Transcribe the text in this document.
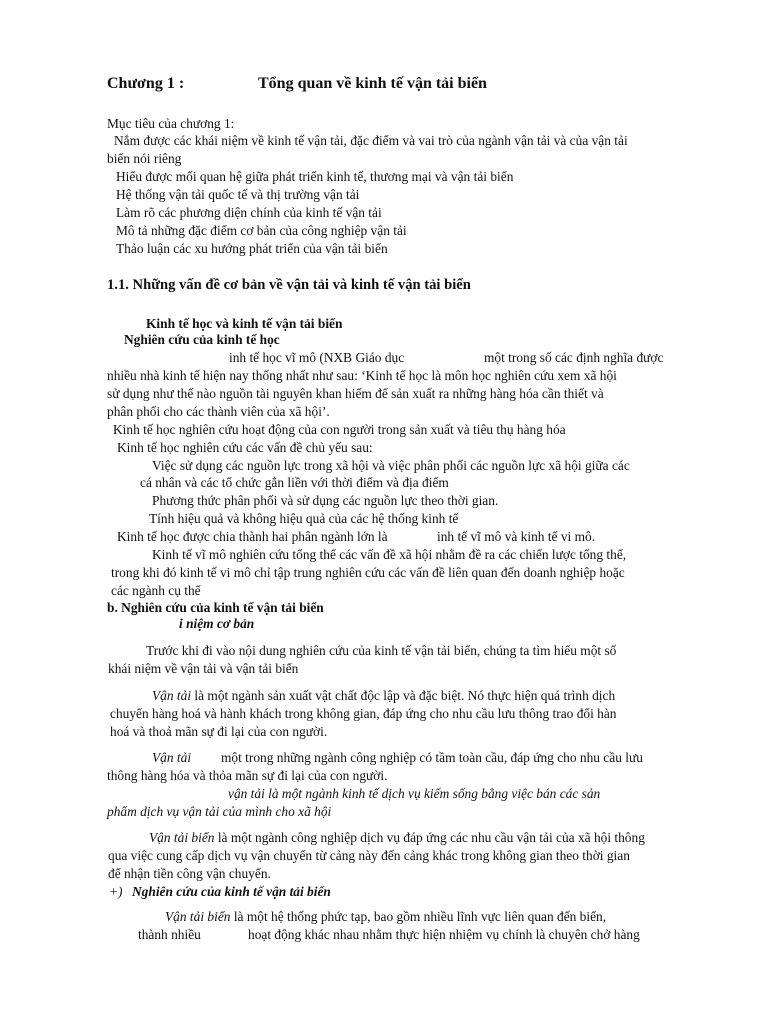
Chương 1 :	Tổng quan về kinh tế vận tải biển
Mục tiêu của chương 1:
Nắm được các khái niệm về kinh tế vận tải, đặc điểm và vai trò của ngành vận tải và của vận tải
biển nói riêng
Hiểu được mối quan hệ giữa phát triển kinh tế, thương mại và vận tải biển
Hệ thống vận tải quốc tế và thị trường vận tải
Làm rõ các phương diện chính của kinh tế vận tải
Mô tả những đặc điểm cơ bản của công nghiệp vận tải
Thảo luận các xu hướng phát triển của vận tải biển
1.1. Những vấn đề cơ bản về vận tải và kinh tế vận tải biển
Kinh tế học và kinh tế vận tải biển
Nghiên cứu của kinh tế học
inh tế học vĩ mô (NXB Giáo dục	một trong số các định nghĩa được
nhiều nhà kinh tế hiện nay thống nhất như sau: ‘Kinh tế học là môn học nghiên cứu xem xã hội
sử dụng như thế nào nguồn tài nguyên khan hiếm để sản xuất ra những hàng hóa cần thiết và
phân phối cho các thành viên của xã hội’.
Kinh tế học nghiên cứu hoạt động của con người trong sản xuất và tiêu thụ hàng hóa
Kinh tế học nghiên cứu các vấn đề chủ yếu sau:
Việc sử dụng các nguồn lực trong xã hội và việc phân phối các nguồn lực xã hội giữa các
cá nhân và các tổ chức gắn liền với thời điểm và địa điểm
Phương thức phân phối và sử dụng các nguồn lực theo thời gian.
Tính hiệu quả và không hiệu quả của các hệ thống kinh tế
Kinh tế học được chia thành hai phân ngành lớn là	inh tế vĩ mô và kinh tế vi mô.
Kinh tế vĩ mô nghiên cứu tổng thể các vấn đề xã hội nhằm đề ra các chiến lược tổng thể,
trong khi đó kinh tế vi mô chỉ tập trung nghiên cứu các vấn đề liên quan đến doanh nghiệp hoặc
các ngành cụ thể
b. Nghiên cứu của kinh tế vận tải biển
i niệm cơ bản
Trước khi đi vào nội dung nghiên cứu của kinh tế vận tải biển, chúng ta tìm hiểu một số
khái niệm về vận tải và vận tải biển
Vận tải là một ngành sản xuất vật chất độc lập và đặc biệt. Nó thực hiện quá trình dịch
chuyển hàng hoá và hành khách trong không gian, đáp ứng cho nhu cầu lưu thông trao đổi hàn
hoá và thoả mãn sự đi lại của con người.
Vận tải một trong những ngành công nghiệp có tầm toàn cầu, đáp ứng cho nhu cầu lưu
thông hàng hóa và thỏa mãn sự đi lại của con người.
vận tải là một ngành kinh tế dịch vụ kiếm sống bằng việc bán các sản
phẩm dịch vụ vận tải của mình cho xã hội
Vận tải biển là một ngành công nghiệp dịch vụ đáp ứng các nhu cầu vận tải của xã hội thông
qua việc cung cấp dịch vụ vận chuyển từ cảng này đến cảng khác trong không gian theo thời gian
để nhận tiền công vận chuyển.
+) Nghiên cứu của kinh tế vận tải biển
Vận tải biển là một hệ thống phức tạp, bao gồm nhiều lĩnh vực liên quan đến biển,
thành nhiều	hoạt động khác nhau nhằm thực hiện nhiệm vụ chính là chuyên chở hàng
